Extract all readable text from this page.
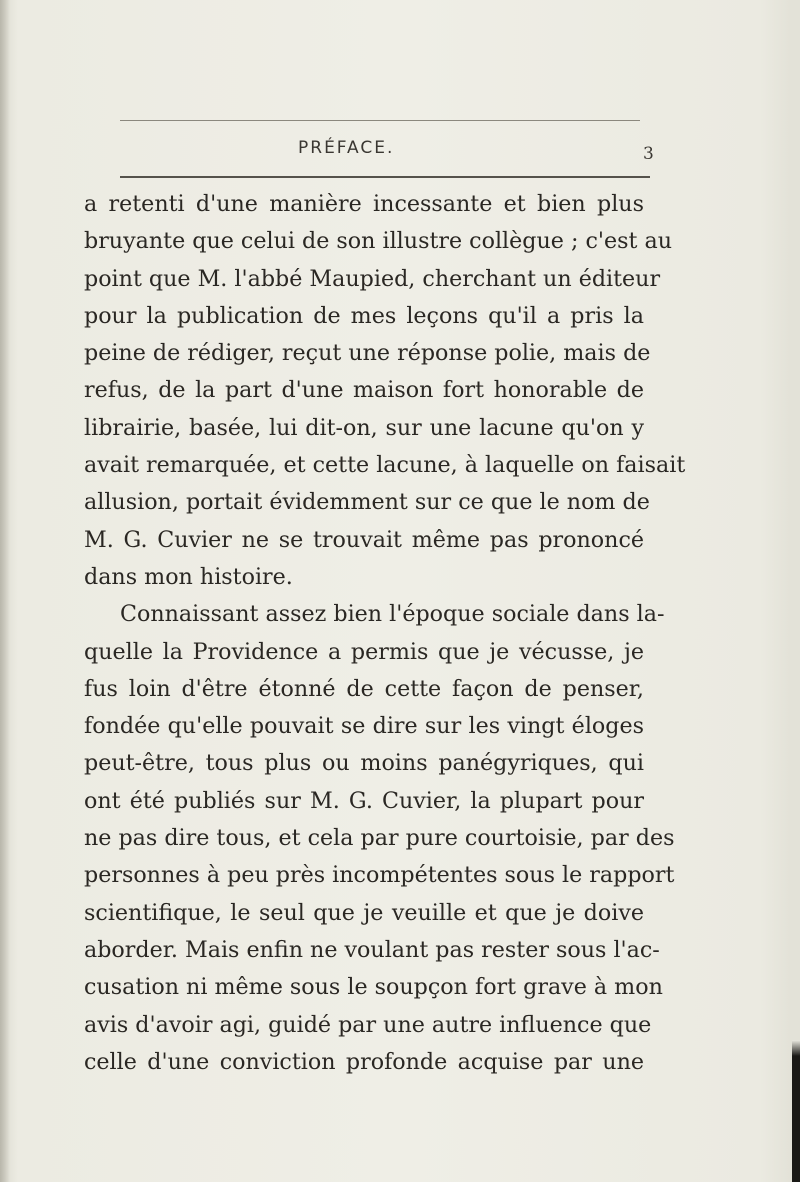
PRÉFACE.	3
a retenti d'une manière incessante et bien plus
bruyante que celui de son illustre collègue ; c'est au
point que M. l'abbé Maupied, cherchant un éditeur
pour la publication de mes leçons qu'il a pris la
peine de rédiger, reçut une réponse polie, mais de
refus, de la part d'une maison fort honorable de
librairie, basée, lui dit-on, sur une lacune qu'on y
avait remarquée, et cette lacune, à laquelle on faisait
allusion, portait évidemment sur ce que le nom de
M. G. Cuvier ne se trouvait même pas prononcé
dans mon histoire.
Connaissant assez bien l'époque sociale dans la-
quelle la Providence a permis que je vécusse, je
fus loin d'être étonné de cette façon de penser,
fondée qu'elle pouvait se dire sur les vingt éloges
peut-être, tous plus ou moins panégyriques, qui
ont été publiés sur M. G. Cuvier, la plupart pour
ne pas dire tous, et cela par pure courtoisie, par des
personnes à peu près incompétentes sous le rapport
scientifique, le seul que je veuille et que je doive
aborder. Mais enfin ne voulant pas rester sous l'ac-
cusation ni même sous le soupçon fort grave à mon
avis d'avoir agi, guidé par une autre influence que
celle d'une conviction profonde acquise par une
